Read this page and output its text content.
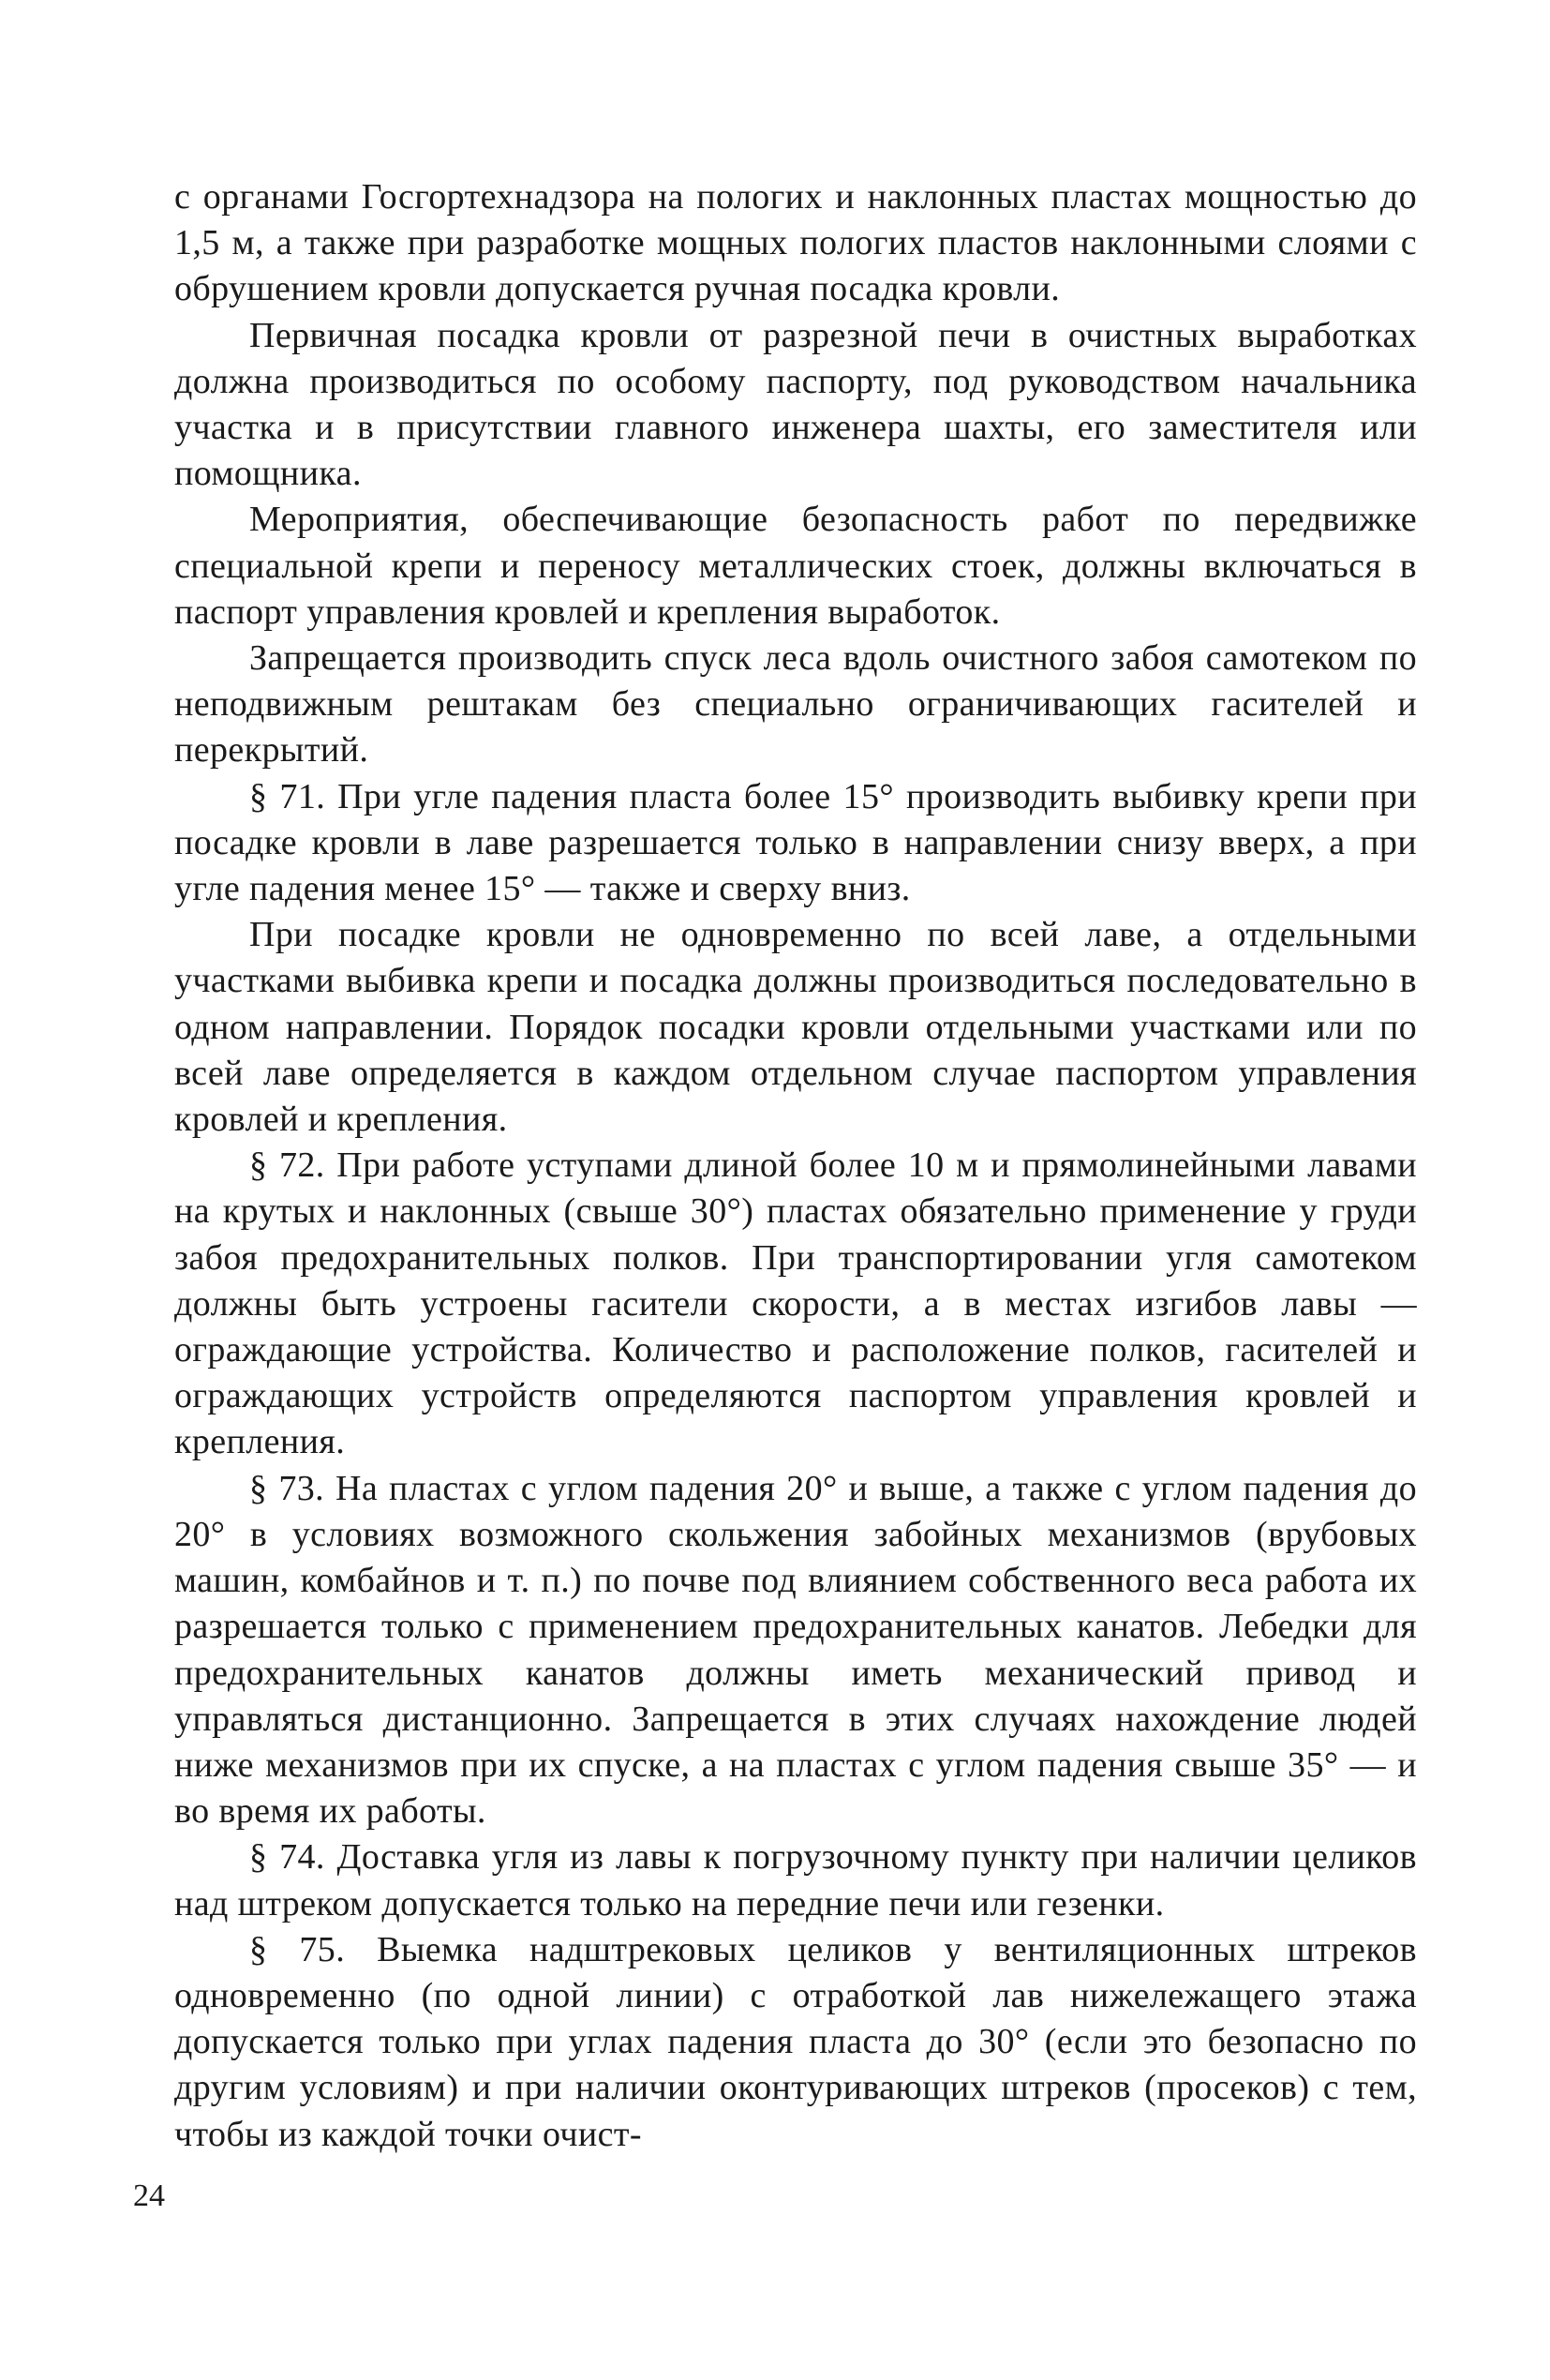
с органами Госгортехнадзора на пологих и наклонных пластах мощностью до 1,5 м, а также при разработке мощных пологих пластов наклонными слоями с обрушением кровли допускается ручная посадка кровли.

Первичная посадка кровли от разрезной печи в очистных выработках должна производиться по особому паспорту, под руководством начальника участка и в присутствии главного инженера шахты, его заместителя или помощника.

Мероприятия, обеспечивающие безопасность работ по передвижке специальной крепи и переносу металлических стоек, должны включаться в паспорт управления кровлей и крепления выработок.

Запрещается производить спуск леса вдоль очистного забоя самотеком по неподвижным рештакам без специально ограничивающих гасителей и перекрытий.

§ 71. При угле падения пласта более 15° производить выбивку крепи при посадке кровли в лаве разрешается только в направлении снизу вверх, а при угле падения менее 15° — также и сверху вниз.

При посадке кровли не одновременно по всей лаве, а отдельными участками выбивка крепи и посадка должны производиться последовательно в одном направлении. Порядок посадки кровли отдельными участками или по всей лаве определяется в каждом отдельном случае паспортом управления кровлей и крепления.

§ 72. При работе уступами длиной более 10 м и прямолинейными лавами на крутых и наклонных (свыше 30°) пластах обязательно применение у груди забоя предохранительных полков. При транспортировании угля самотеком должны быть устроены гасители скорости, а в местах изгибов лавы — ограждающие устройства. Количество и расположение полков, гасителей и ограждающих устройств определяются паспортом управления кровлей и крепления.

§ 73. На пластах с углом падения 20° и выше, а также с углом падения до 20° в условиях возможного скольжения забойных механизмов (врубовых машин, комбайнов и т. п.) по почве под влиянием собственного веса работа их разрешается только с применением предохранительных канатов. Лебедки для предохранительных канатов должны иметь механический привод и управляться дистанционно. Запрещается в этих случаях нахождение людей ниже механизмов при их спуске, а на пластах с углом падения свыше 35° — и во время их работы.

§ 74. Доставка угля из лавы к погрузочному пункту при наличии целиков над штреком допускается только на передние печи или гезенки.

§ 75. Выемка надштрековых целиков у вентиляционных штреков одновременно (по одной линии) с отработкой лав нижележащего этажа допускается только при углах падения пласта до 30° (если это безопасно по другим условиям) и при наличии оконтуривающих штреков (просеков) с тем, чтобы из каждой точки очист-

24
